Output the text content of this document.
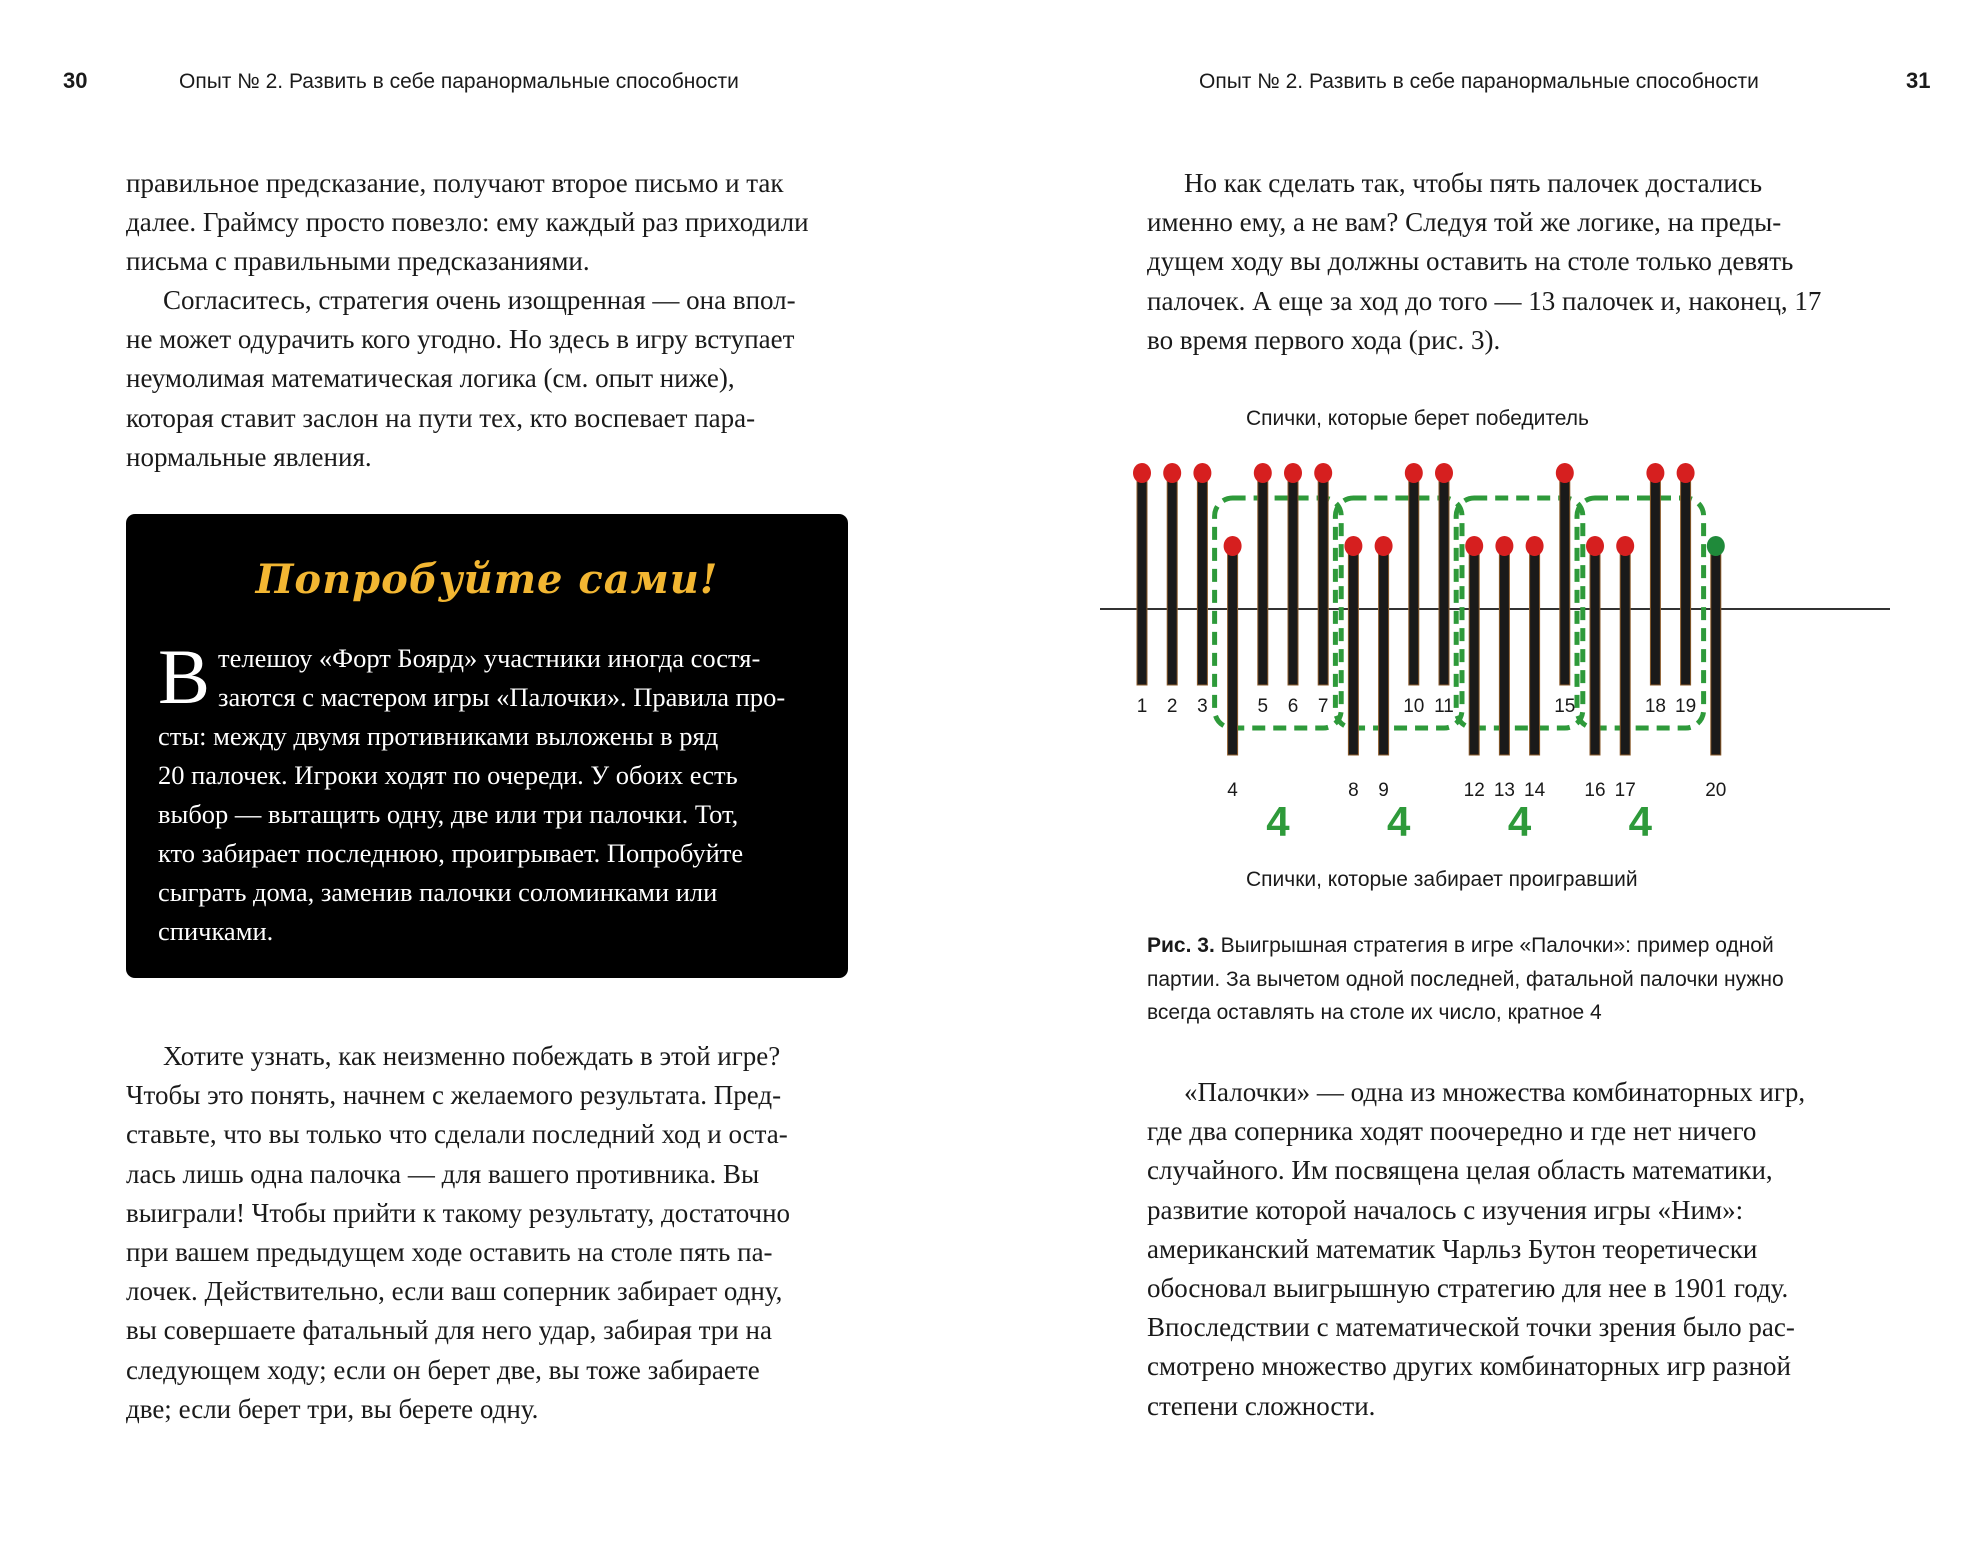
30	Опыт № 2. Развить в себе паранормальные способности

правильное предсказание, получают второе письмо и так

далее. Граймсу просто повезло: ему каждый раз приходили

письма с правильными предсказаниями.

Согласитесь, стратегия очень изощренная — она впол-

не может одурачить кого угодно. Но здесь в игру вступает

неумолимая математическая логика (см. опыт ниже),

которая ставит заслон на пути тех, кто воспевает пара-

нормальные явления.

Попробуйте сами!
В телешоу «Форт Боярд» участники иногда состя-

заются с мастером игры «Палочки». Правила про-

сты: между двумя противниками выложены в ряд

20 палочек. Игроки ходят по очереди. У обоих есть

выбор — вытащить одну, две или три палочки. Тот,

кто забирает последнюю, проигрывает. Попробуйте

сыграть дома, заменив палочки соломинками или

спичками.

Хотите узнать, как неизменно побеждать в этой игре?

Чтобы это понять, начнем с желаемого результата. Пред-

ставьте, что вы только что сделали последний ход и оста-

лась лишь одна палочка — для вашего противника. Вы

выиграли! Чтобы прийти к такому результату, достаточно

при вашем предыдущем ходе оставить на столе пять па-

лочек. Действительно, если ваш соперник забирает одну,

вы совершаете фатальный для него удар, забирая три на

следующем ходу; если он берет две, вы тоже забираете

две; если берет три, вы берете одну.

Опыт № 2. Развить в себе паранормальные способности	31

Но как сделать так, чтобы пять палочек достались

именно ему, а не вам? Следуя той же логике, на преды-

дущем ходу вы должны оставить на столе только девять

палочек. А еще за ход до того — 13 палочек и, наконец, 17

во время первого хода (рис. 3).

Спички, которые берет победитель
4 4 4 4
1 2 3
4
5 6 7
8 9
10 11
12 13 14
15
16 17
18 19
20
Спички, которые забирает проигравший
Рис. 3. Выигрышная стратегия в игре «Палочки»: пример одной
партии. За вычетом одной последней, фатальной палочки нужно
всегда оставлять на столе их число, кратное 4

«Палочки» — одна из множества комбинаторных игр,

где два соперника ходят поочередно и где нет ничего

случайного. Им посвящена целая область математики,

развитие которой началось с изучения игры «Ним»:

американский математик Чарльз Бутон теоретически

обосновал выигрышную стратегию для нее в 1901 году.

Впоследствии с математической точки зрения было рас-

смотрено множество других комбинаторных игр разной

степени сложности.
